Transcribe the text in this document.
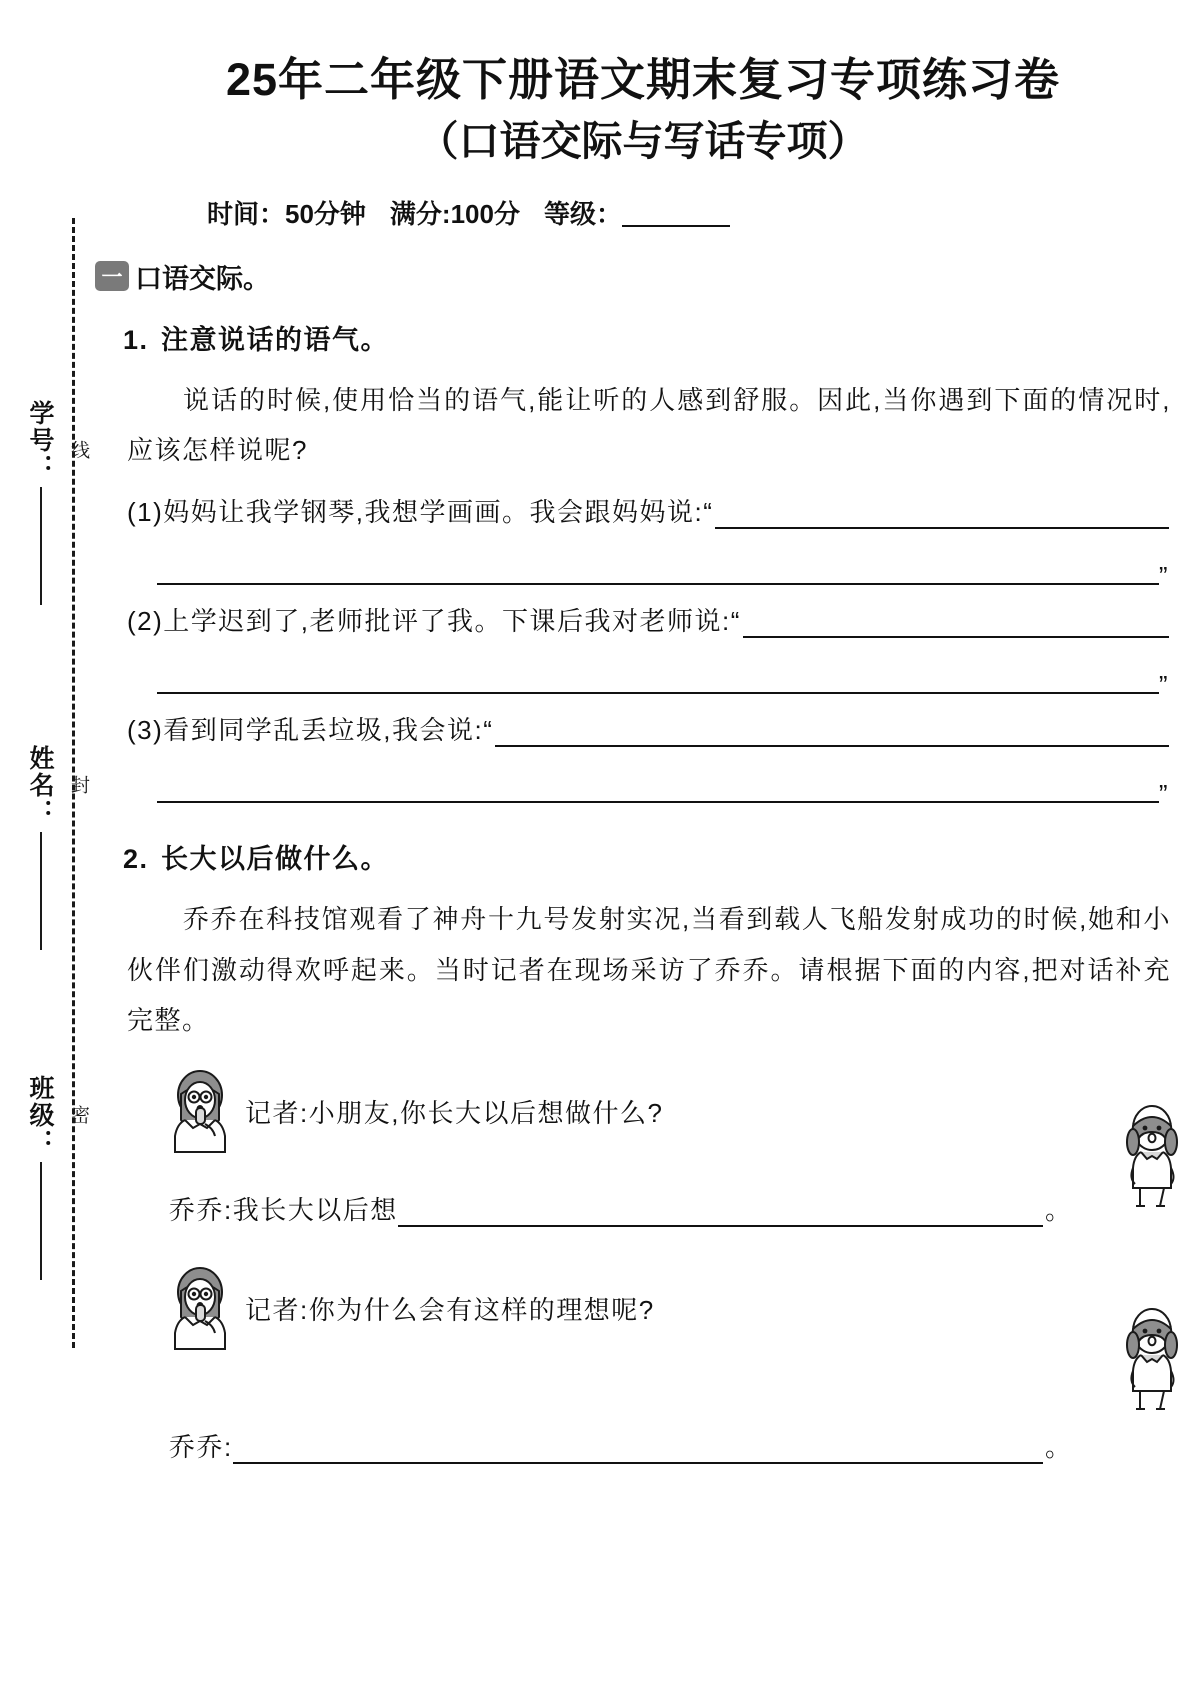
学号： 线
姓名： 封
班级： 密
25年二年级下册语文期末复习专项练习卷
（口语交际与写话专项）

时间：50分钟 满分:100分 等级：

一 口语交际。
1. 注意说话的语气。

说话的时候,使用恰当的语气,能让听的人感到舒服。因此,当你遇到下面的情况时,应该怎样说呢?

(1)妈妈让我学钢琴,我想学画画。我会跟妈妈说:“
”
(2)上学迟到了,老师批评了我。下课后我对老师说:“
”
(3)看到同学乱丢垃圾,我会说:“
”
2. 长大以后做什么。

乔乔在科技馆观看了神舟十九号发射实况,当看到载人飞船发射成功的时候,她和小伙伴们激动得欢呼起来。当时记者在现场采访了乔乔。请根据下面的内容,把对话补充完整。

记者:小朋友,你长大以后想做什么?
乔乔:我长大以后想	。
记者:你为什么会有这样的理想呢?
乔乔:	。
